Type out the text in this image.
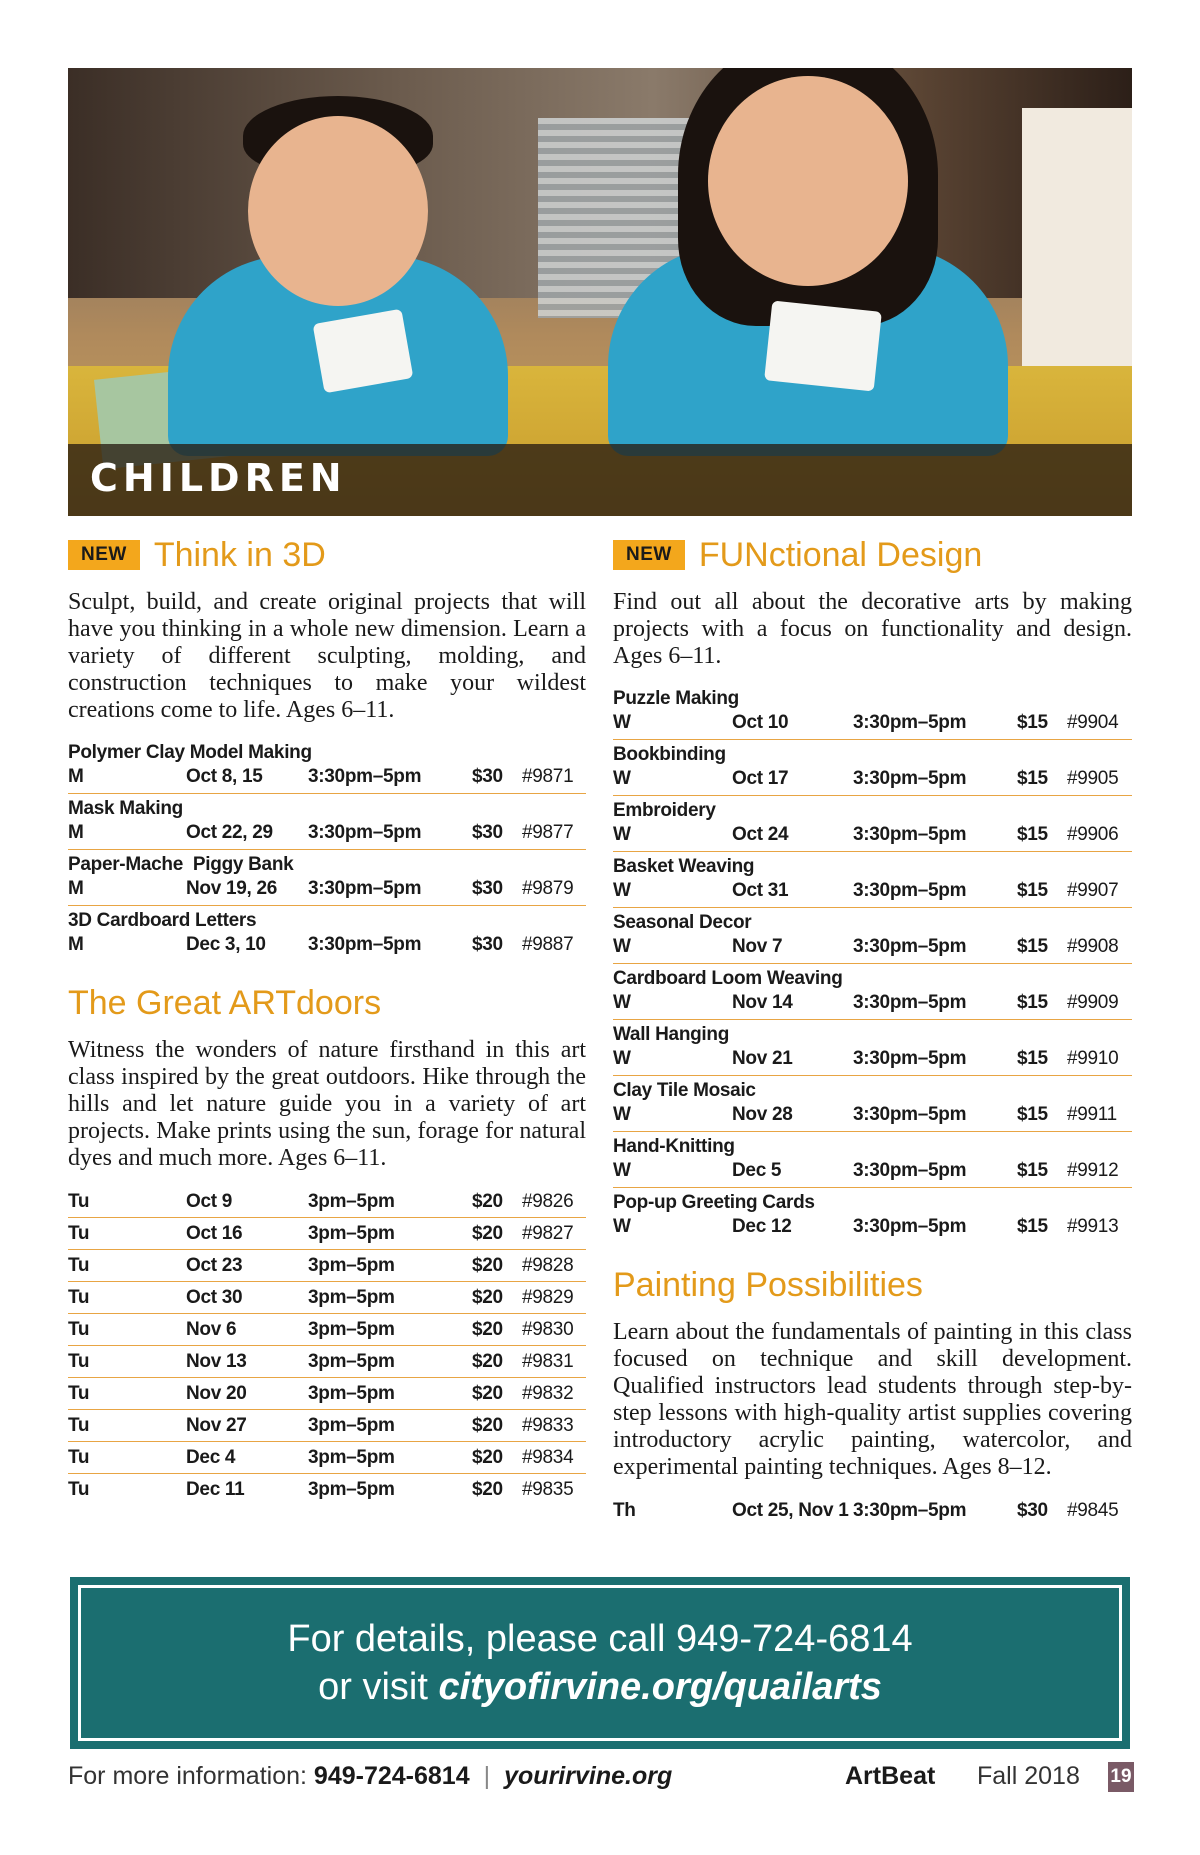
CHILDREN
NEW Think in 3D

Sculpt, build, and create original projects that will have you thinking in a whole new dimension. Learn a variety of different sculpting, molding, and construction techniques to make your wildest creations come to life. Ages 6–11.

Polymer Clay Model Making
M	Oct 8, 15	3:30pm–5pm	$30	#9871
Mask Making
M	Oct 22, 29	3:30pm–5pm	$30	#9877
Paper-Mache  Piggy Bank
M	Nov 19, 26	3:30pm–5pm	$30	#9879
3D Cardboard Letters
M	Dec 3, 10	3:30pm–5pm	$30	#9887
The Great ARTdoors

Witness the wonders of nature firsthand in this art class inspired by the great outdoors. Hike through the hills and let nature guide you in a variety of art projects. Make prints using the sun, forage for natural dyes and much more. Ages 6–11.

Tu	Oct 9	3pm–5pm	$20	#9826
Tu	Oct 16	3pm–5pm	$20	#9827
Tu	Oct 23	3pm–5pm	$20	#9828
Tu	Oct 30	3pm–5pm	$20	#9829
Tu	Nov 6	3pm–5pm	$20	#9830
Tu	Nov 13	3pm–5pm	$20	#9831
Tu	Nov 20	3pm–5pm	$20	#9832
Tu	Nov 27	3pm–5pm	$20	#9833
Tu	Dec 4	3pm–5pm	$20	#9834
Tu	Dec 11	3pm–5pm	$20	#9835
NEW FUNctional Design

Find out all about the decorative arts by making projects with a focus on functionality and design. Ages 6–11.

Puzzle Making
W	Oct 10	3:30pm–5pm	$15	#9904
Bookbinding
W	Oct 17	3:30pm–5pm	$15	#9905
Embroidery
W	Oct 24	3:30pm–5pm	$15	#9906
Basket Weaving
W	Oct 31	3:30pm–5pm	$15	#9907
Seasonal Decor
W	Nov 7	3:30pm–5pm	$15	#9908
Cardboard Loom Weaving
W	Nov 14	3:30pm–5pm	$15	#9909
Wall Hanging
W	Nov 21	3:30pm–5pm	$15	#9910
Clay Tile Mosaic
W	Nov 28	3:30pm–5pm	$15	#9911
Hand-Knitting
W	Dec 5	3:30pm–5pm	$15	#9912
Pop-up Greeting Cards
W	Dec 12	3:30pm–5pm	$15	#9913
Painting Possibilities

Learn about the fundamentals of painting in this class focused on technique and skill development. Qualified instructors lead students through step-by-step lessons with high-quality artist supplies covering introductory acrylic painting, watercolor, and experimental painting techniques. Ages 8–12.

Th	Oct 25, Nov 1 3:30pm–5pm	$30	#9845
For details, please call 949-724-6814
or visit cityofirvine.org/quailarts
For more information: 949-724-6814 | yourirvine.org	ArtBeat Fall 2018 19
